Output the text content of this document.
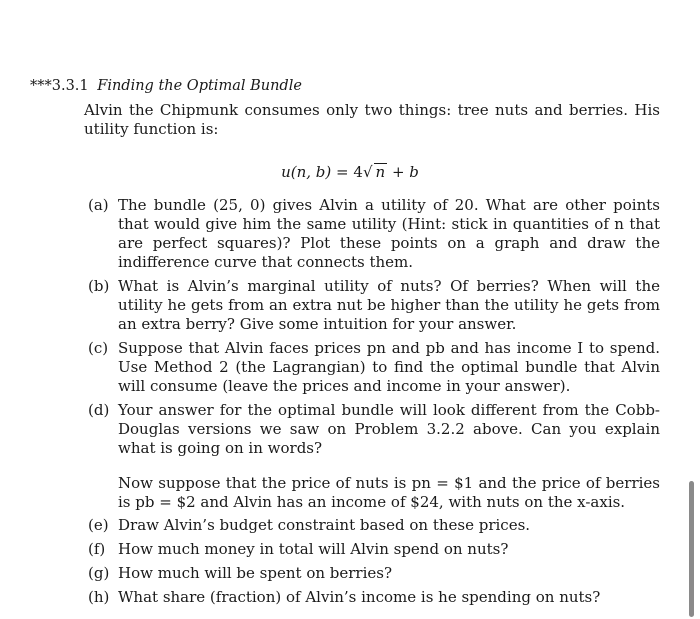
***3.3.1 Finding the Optimal Bundle
Alvin the Chipmunk consumes only two things: tree nuts and berries. His utility function is:
u(n, b) = 4√ n + b
(a) The bundle (25, 0) gives Alvin a utility of 20. What are other points that would give him the same utility (Hint: stick in quantities of n that are perfect squares)? Plot these points on a graph and draw the indifference curve that connects them.
(b) What is Alvin’s marginal utility of nuts? Of berries? When will the utility he gets from an extra nut be higher than the utility he gets from an extra berry? Give some intuition for your answer.
(c) Suppose that Alvin faces prices pn and pb and has income I to spend. Use Method 2 (the Lagrangian) to find the optimal bundle that Alvin will consume (leave the prices and income in your answer).
(d) Your answer for the optimal bundle will look different from the Cobb-Douglas versions we saw on Problem 3.2.2 above. Can you explain what is going on in words?
Now suppose that the price of nuts is pn = $1 and the price of berries is pb = $2 and Alvin has an income of $24, with nuts on the x-axis.
(e) Draw Alvin’s budget constraint based on these prices.
(f) How much money in total will Alvin spend on nuts?
(g) How much will be spent on berries?
(h) What share (fraction) of Alvin’s income is he spending on nuts?
